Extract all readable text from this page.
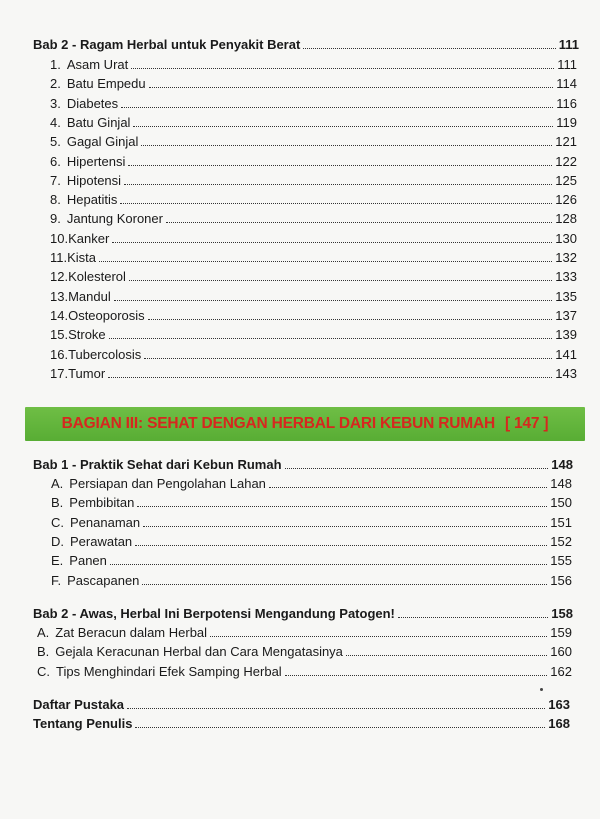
Bab 2 - Ragam Herbal untuk Penyakit Berat	111
1. Asam Urat	111
2. Batu Empedu	114
3. Diabetes	116
4. Batu Ginjal	119
5. Gagal Ginjal	121
6. Hipertensi	122
7. Hipotensi	125
8. Hepatitis	126
9. Jantung Koroner	128
10.Kanker	130
11.Kista	132
12.Kolesterol	133
13.Mandul	135
14.Osteoporosis	137
15.Stroke	139
16.Tubercolosis	141
17.Tumor	143
BAGIAN III: SEHAT DENGAN HERBAL DARI KEBUN RUMAH [ 147 ]
Bab 1 - Praktik Sehat dari Kebun Rumah	148
A. Persiapan dan Pengolahan Lahan	148
B. Pembibitan	150
C. Penanaman	151
D. Perawatan	152
E. Panen	155
F. Pascapanen	156
Bab 2 - Awas, Herbal Ini Berpotensi Mengandung Patogen!	158
A. Zat Beracun dalam Herbal	159
B. Gejala Keracunan Herbal dan Cara Mengatasinya	160
C. Tips Menghindari Efek Samping Herbal	162
Daftar Pustaka	163
Tentang Penulis	168
